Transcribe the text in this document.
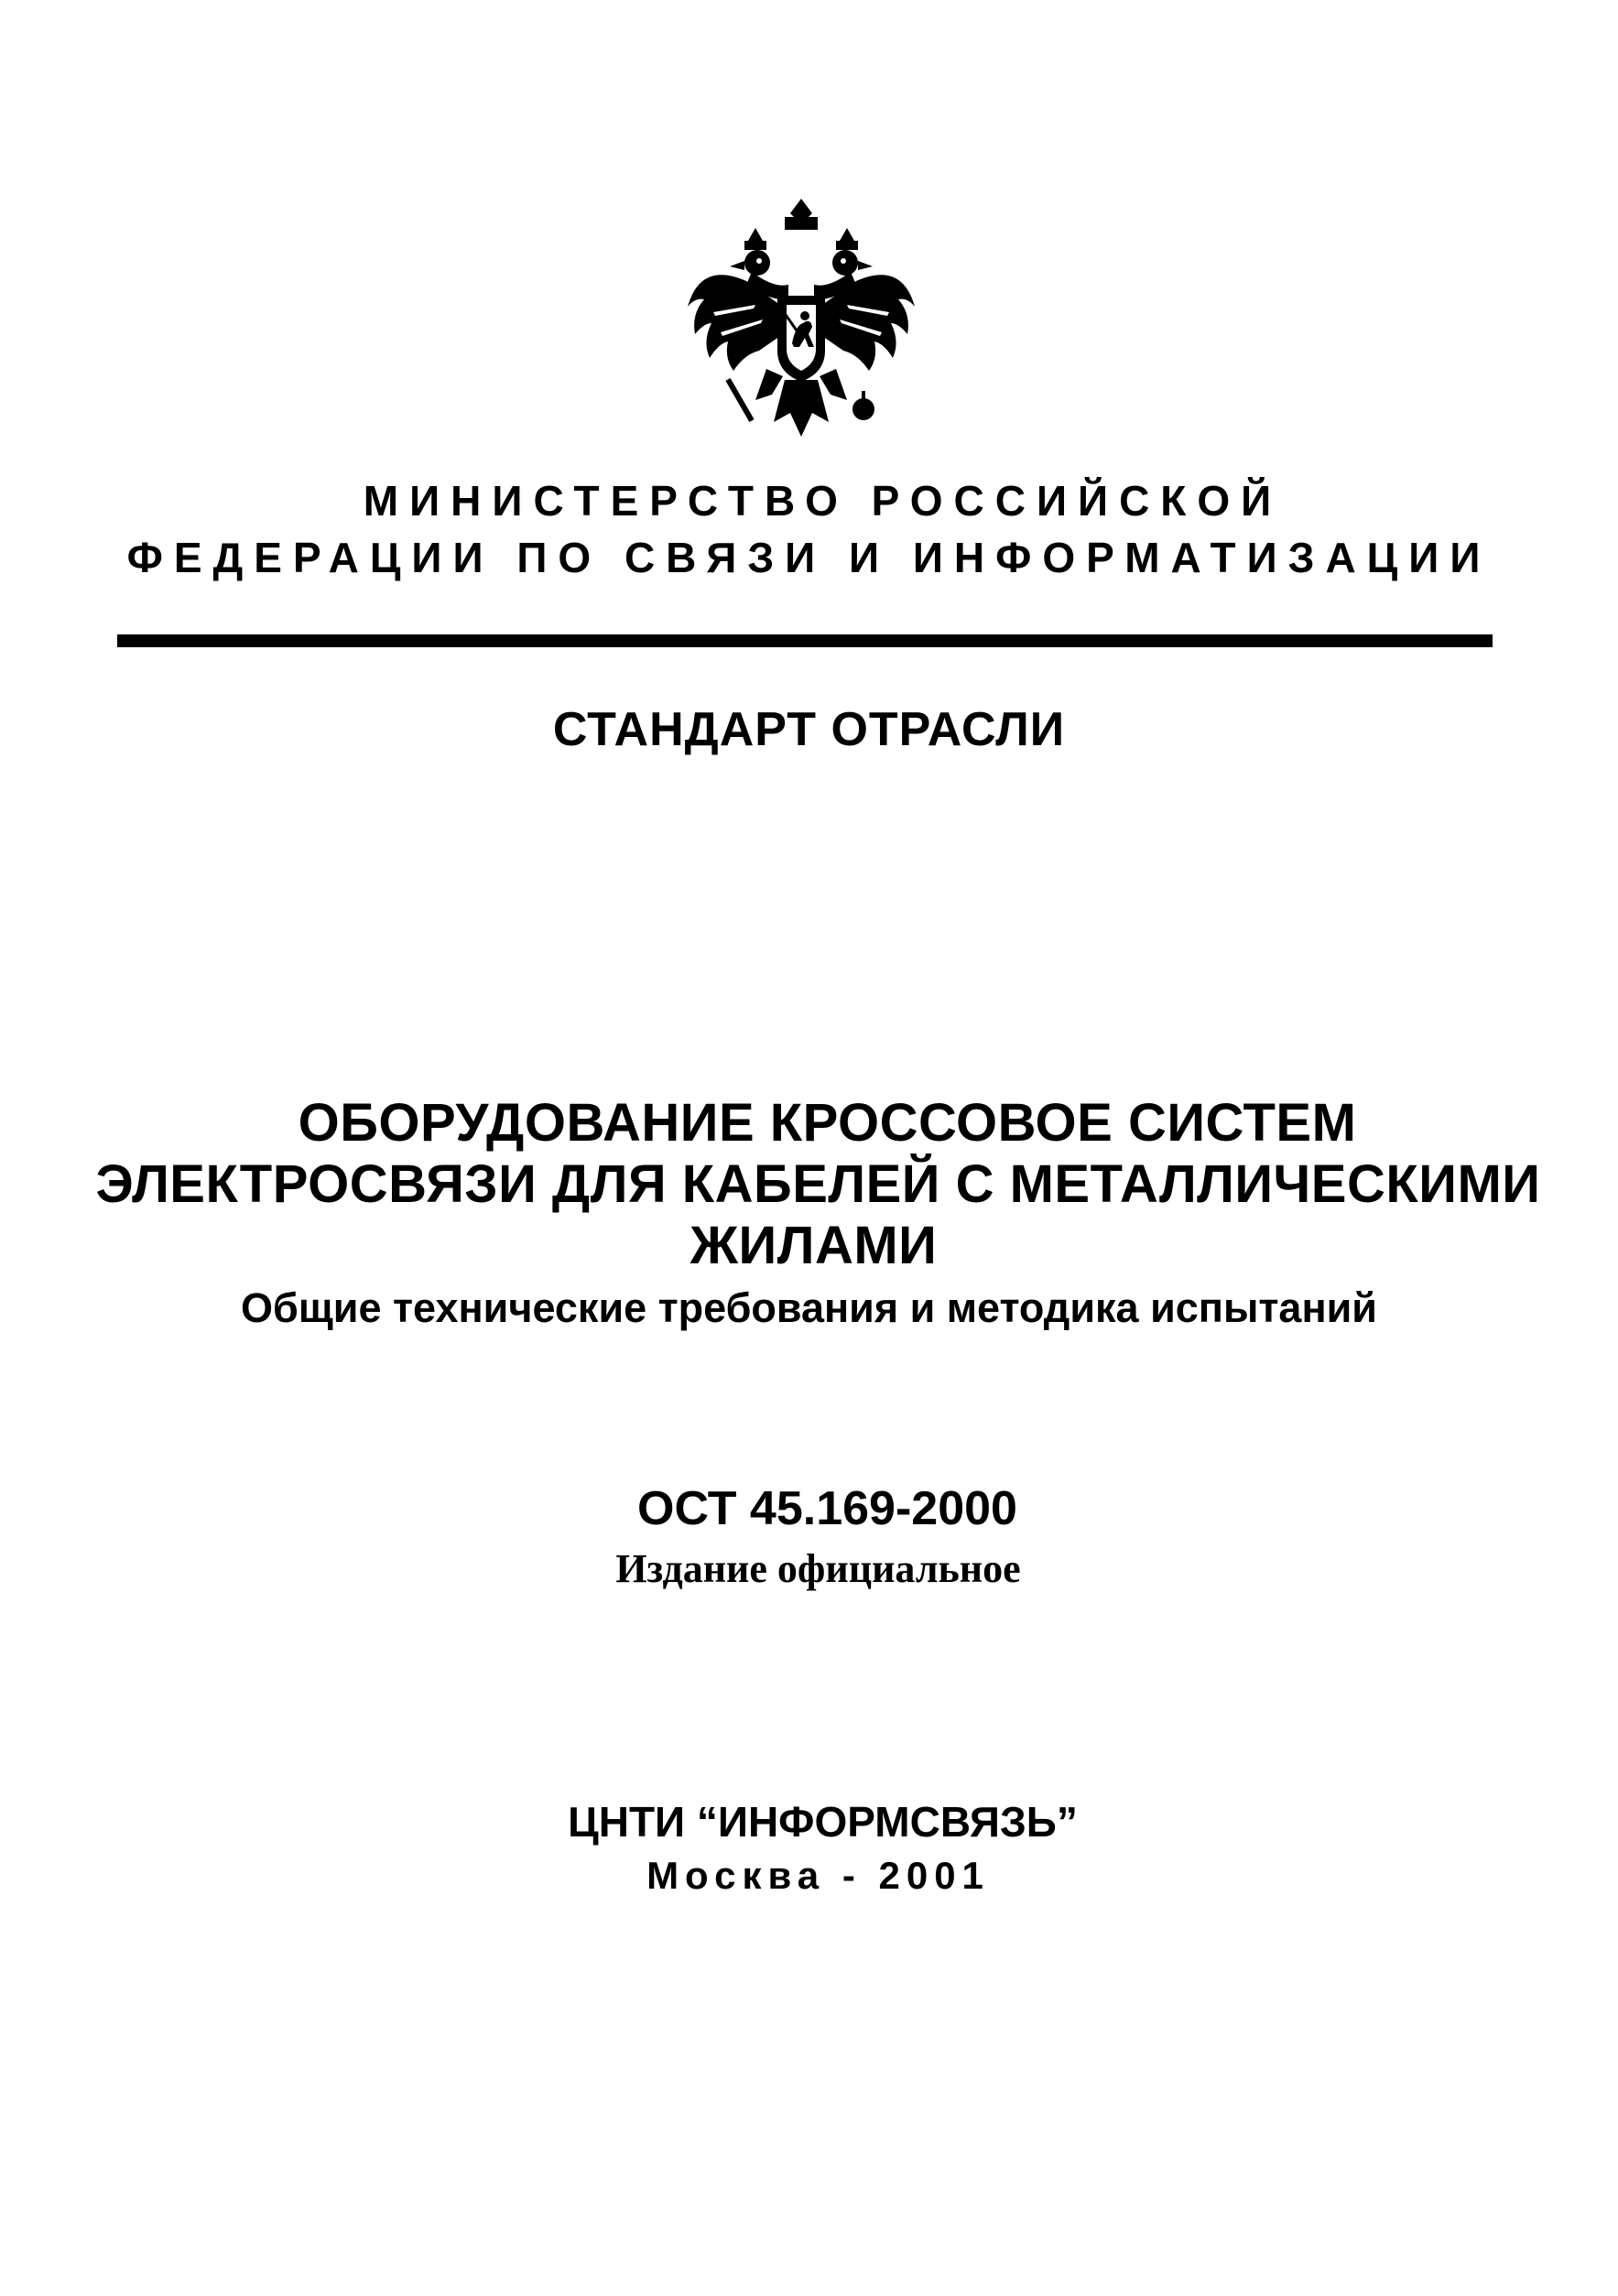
МИНИСТЕРСТВО РОССИЙСКОЙ
ФЕДЕРАЦИИ ПО СВЯЗИ И ИНФОРМАТИЗАЦИИ
СТАНДАРТ ОТРАСЛИ
ОБОРУДОВАНИЕ КРОССОВОЕ СИСТЕМ
ЭЛЕКТРОСВЯЗИ ДЛЯ КАБЕЛЕЙ С МЕТАЛЛИЧЕСКИМИ
ЖИЛАМИ
Общие технические требования и методика испытаний
ОСТ 45.169-2000
Издание официальное
ЦНТИ “ИНФОРМСВЯЗЬ”
Москва - 2001
